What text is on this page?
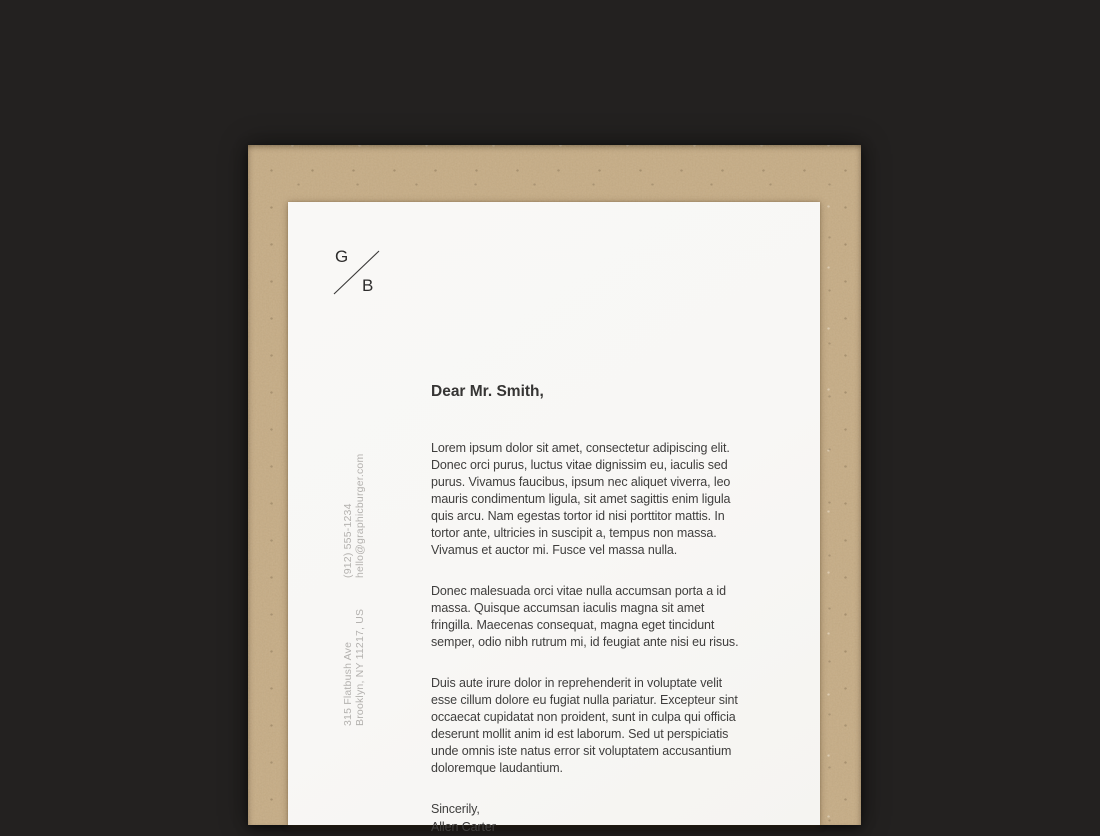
G
B
(912) 555-1234 hello@graphicburger.com
315 Flatbush Ave Brooklyn, NY 11217, US
Dear Mr. Smith,

Lorem ipsum dolor sit amet, consectetur adipiscing elit. Donec orci purus, luctus vitae dignissim eu, iaculis sed purus. Vivamus faucibus, ipsum nec aliquet viverra, leo mauris condimentum ligula, sit amet sagittis enim ligula quis arcu. Nam egestas tortor id nisi porttitor mattis. In tortor ante, ultricies in suscipit a, tempus non massa. Vivamus et auctor mi. Fusce vel massa nulla.

Donec malesuada orci vitae nulla accumsan porta a id massa. Quisque accumsan iaculis magna sit amet fringilla. Maecenas consequat, magna eget tincidunt semper, odio nibh rutrum mi, id feugiat ante nisi eu risus.

Duis aute irure dolor in reprehenderit in voluptate velit esse cillum dolore eu fugiat nulla pariatur. Excepteur sint occaecat cupidatat non proident, sunt in culpa qui officia deserunt mollit anim id est laborum. Sed ut perspiciatis unde omnis iste natus error sit voluptatem accusantium doloremque laudantium.

Sincerily,
Allen Carter
